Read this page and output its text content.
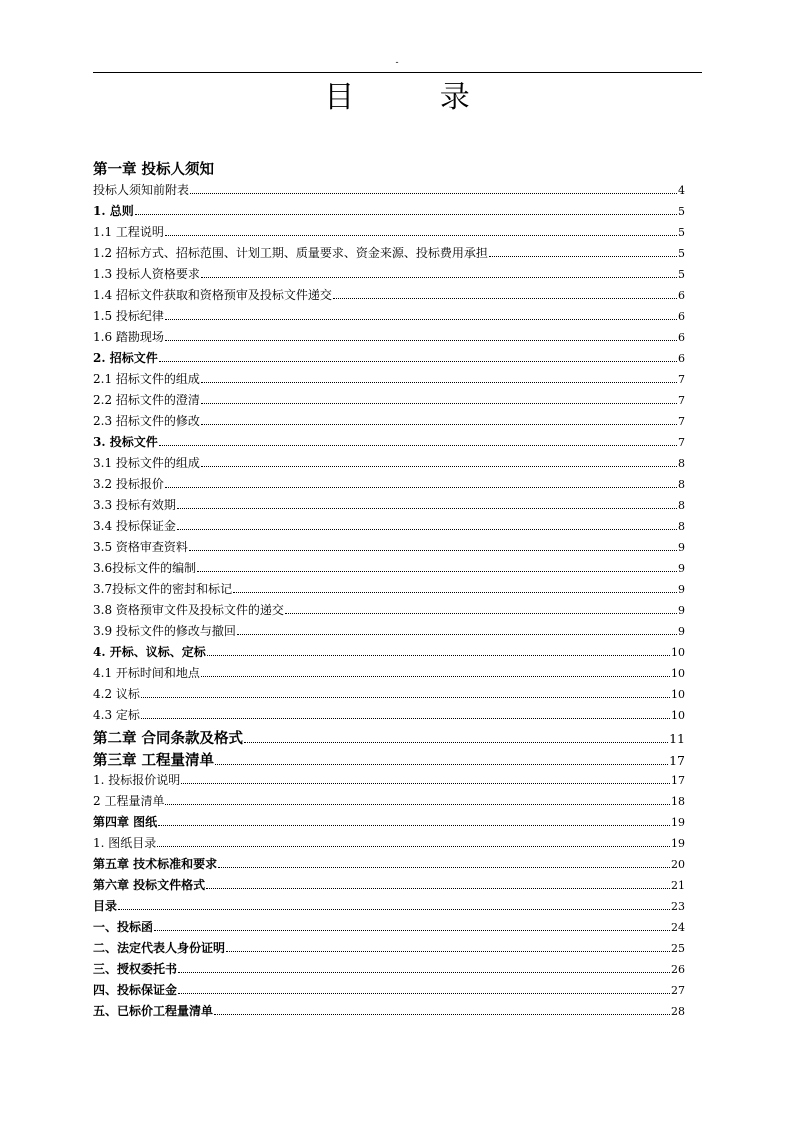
-
目 录
第一章 投标人须知
投标人须知前附表	4
1. 总则	5
1.1 工程说明	5
1.2 招标方式、招标范围、计划工期、质量要求、资金来源、投标费用承担	5
1.3 投标人资格要求	5
1.4 招标文件获取和资格预审及投标文件递交	6
1.5 投标纪律	6
1.6 踏勘现场	6
2. 招标文件	6
2.1 招标文件的组成	7
2.2 招标文件的澄清	7
2.3 招标文件的修改	7
3. 投标文件	7
3.1 投标文件的组成	8
3.2 投标报价	8
3.3 投标有效期	8
3.4 投标保证金	8
3.5 资格审查资料	9
3.6投标文件的编制	9
3.7投标文件的密封和标记	9
3.8 资格预审文件及投标文件的递交	9
3.9 投标文件的修改与撤回	9
4. 开标、议标、定标	10
4.1 开标时间和地点	10
4.2 议标	10
4.3 定标	10
第二章 合同条款及格式	11
第三章 工程量清单	17
1. 投标报价说明	17
2 工程量清单	18
第四章 图纸	19
1. 图纸目录	19
第五章 技术标准和要求	20
第六章 投标文件格式	21
目录	23
一、投标函	24
二、法定代表人身份证明	25
三、授权委托书	26
四、投标保证金	27
五、已标价工程量清单	28
